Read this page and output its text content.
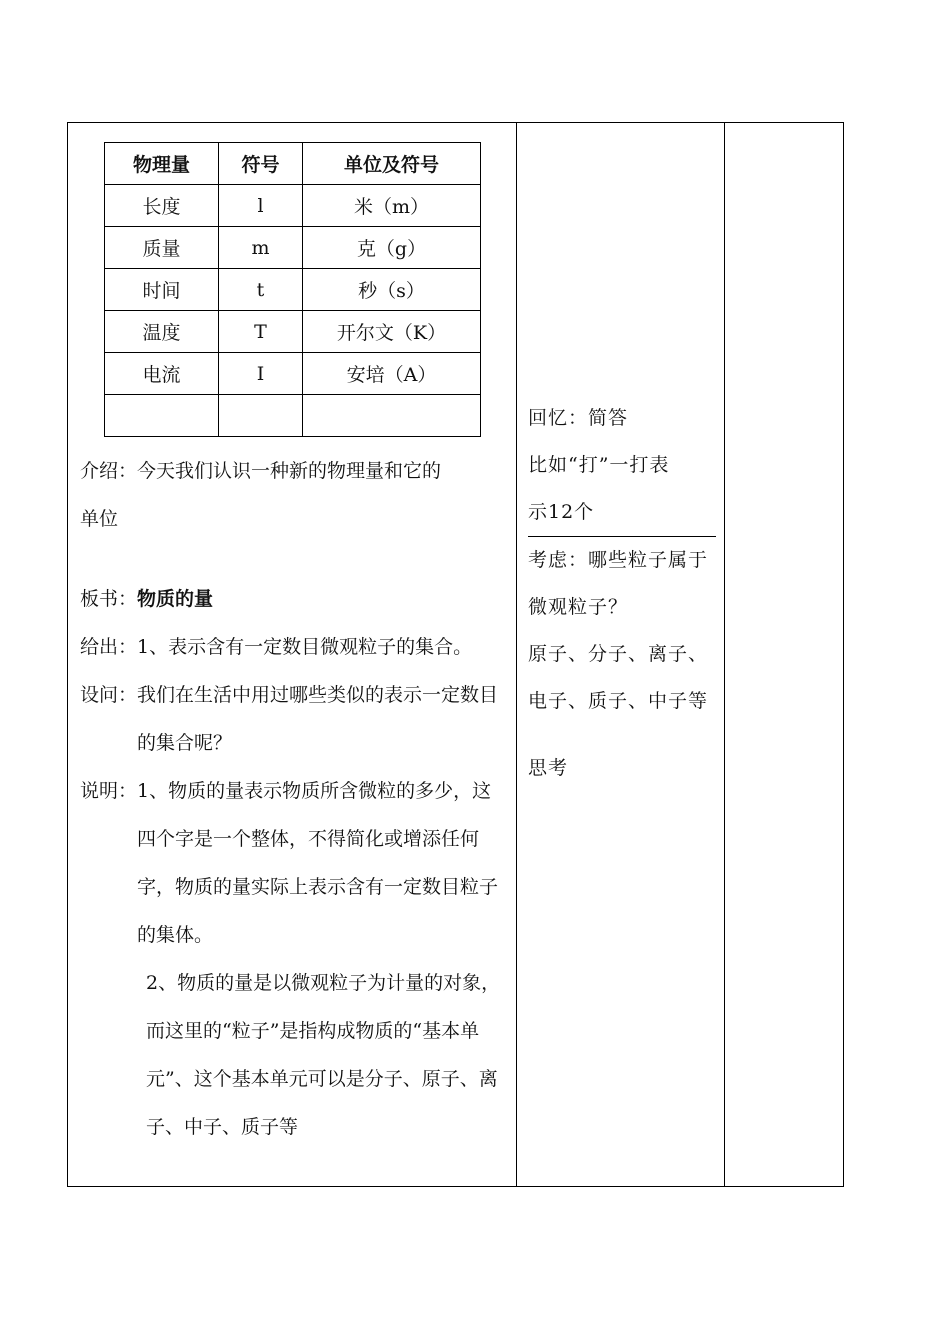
物理量	符号	单位及符号
长度	l	米（m）
质量	m	克（g）
时间	t	秒（s）
温度	T	开尔文（K）
电流	I	安培（A）

介绍：今天我们认识一种新的物理量和它的

单位

板书：物质的量

给出： 1、表示含有一定数目微观粒子的集合。
设问： 我们在生活中用过哪些类似的表示一定数目的集合呢？
说明： 1、物质的量表示物质所含微粒的多少，这四个字是一个整体，不得简化或增添任何字，物质的量实际上表示含有一定数目粒子的集体。

2、物质的量是以微观粒子为计量的对象，而这里的“粒子”是指构成物质的“基本单元”、这个基本单元可以是分子、原子、离子、中子、质子等

回忆：简答

比如“打”一打表

示12个

考虑：哪些粒子属于微观粒子？

原子、分子、离子、电子、质子、中子等

思考
